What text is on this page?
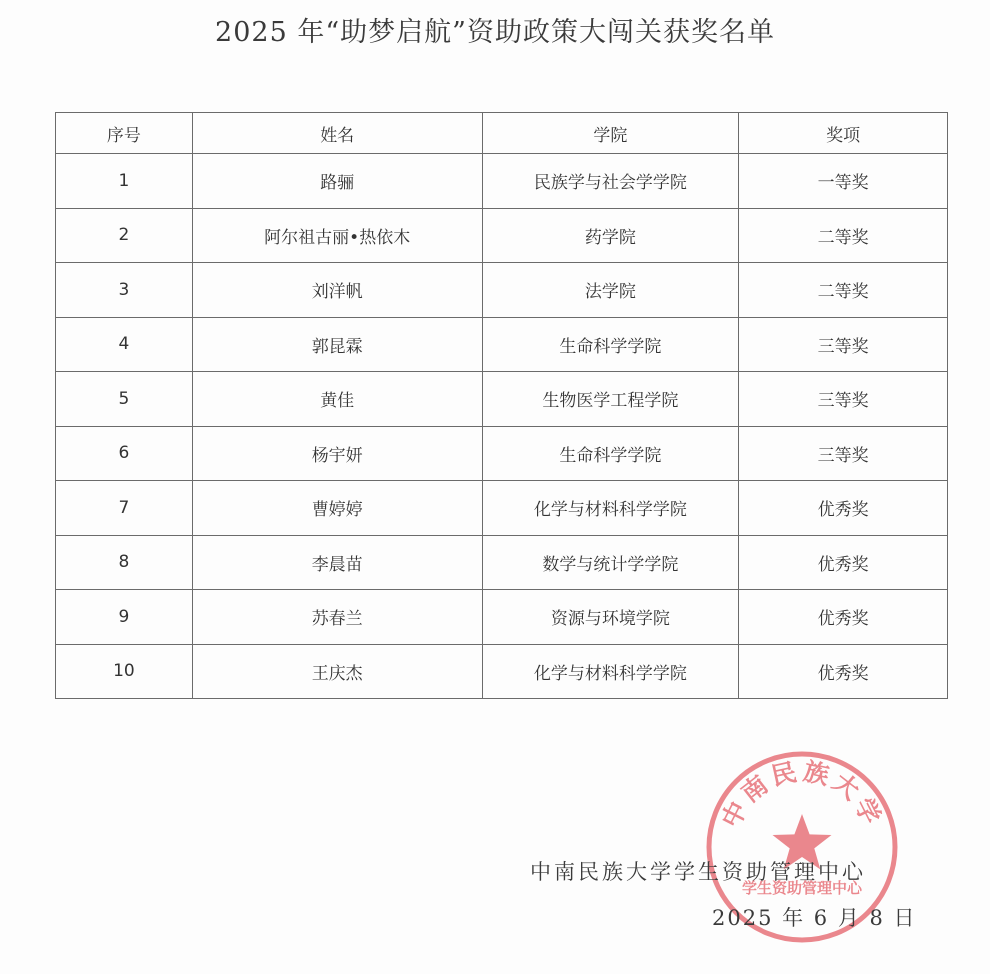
2025 年“助梦启航”资助政策大闯关获奖名单
序号	姓名	学院	奖项
1	路骊	民族学与社会学学院	一等奖
2	阿尔祖古丽•热依木	药学院	二等奖
3	刘洋帆	法学院	二等奖
4	郭昆霖	生命科学学院	三等奖
5	黄佳	生物医学工程学院	三等奖
6	杨宇妍	生命科学学院	三等奖
7	曹婷婷	化学与材料科学学院	优秀奖
8	李晨苗	数学与统计学学院	优秀奖
9	苏春兰	资源与环境学院	优秀奖
10	王庆杰	化学与材料科学学院	优秀奖
中南民族大学
学生资助管理中心
中南民族大学学生资助管理中心
2025 年 6 月 8 日
